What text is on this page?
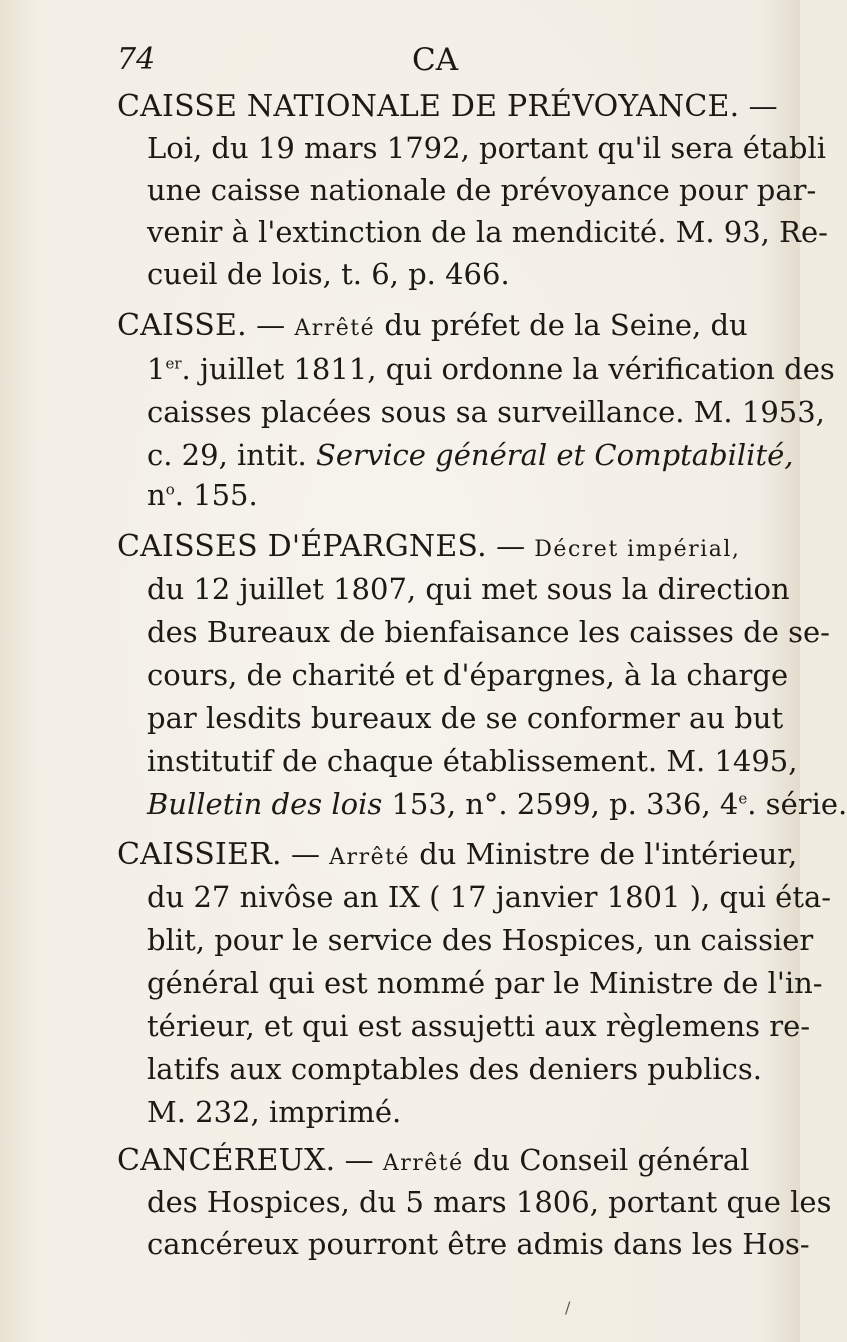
74	CA
CAISSE NATIONALE DE PRÉVOYANCE. —
Loi, du 19 mars 1792, portant qu'il sera établi
une caisse nationale de prévoyance pour par-
venir à l'extinction de la mendicité. M. 93, Re-
cueil de lois, t. 6, p. 466.
CAISSE. — Arrêté du préfet de la Seine, du
1er. juillet 1811, qui ordonne la vérification des
caisses placées sous sa surveillance. M. 1953,
c. 29, intit. Service général et Comptabilité,
$n^o$. 155.
CAISSES D'ÉPARGNES. — Décret impérial,
du 12 juillet 1807, qui met sous la direction
des Bureaux de bienfaisance les caisses de se-
cours, de charité et d'épargnes, à la charge
par lesdits bureaux de se conformer au but
institutif de chaque établissement. M. 1495,
Bulletin des lois 153, n°. 2599, p. 336, 4e. série.
CAISSIER. — Arrêté du Ministre de l'intérieur,
du 27 nivôse an IX ( 17 janvier 1801 ), qui éta-
blit, pour le service des Hospices, un caissier
général qui est nommé par le Ministre de l'in-
térieur, et qui est assujetti aux règlemens re-
latifs aux comptables des deniers publics.
M. 232, imprimé.
CANCÉREUX. — Arrêté du Conseil général
des Hospices, du 5 mars 1806, portant que les
cancéreux pourront être admis dans les Hos-
/
